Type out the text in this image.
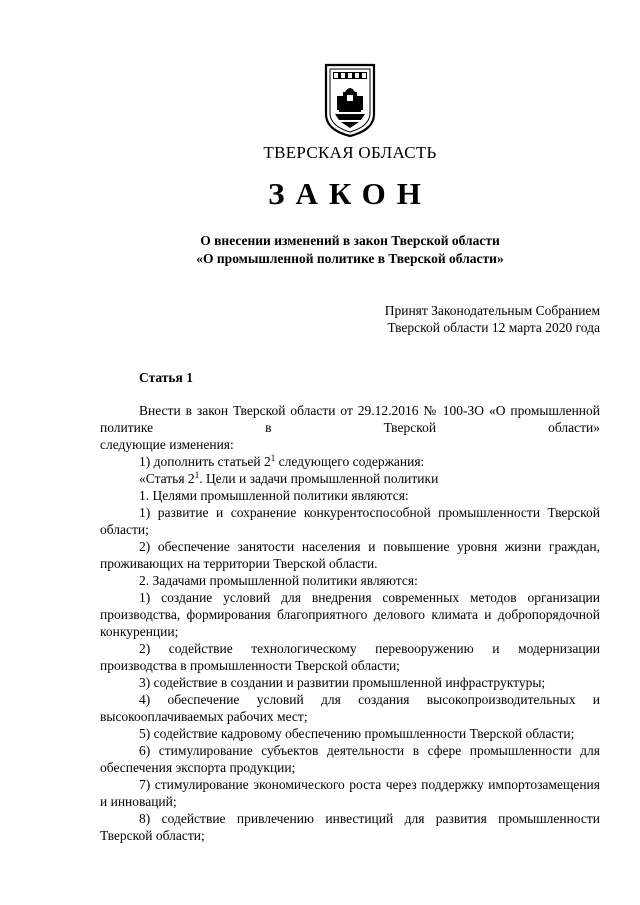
ТВЕРСКАЯ ОБЛАСТЬ
ЗАКОН
О внесении изменений в закон Тверской области
«О промышленной политике в Тверской области»
Принят Законодательным Собранием
Тверской области 12 марта 2020 года
Статья 1

Внести в закон Тверской области от 29.12.2016 № 100-ЗО «О промышленной политике в Тверской области»

следующие изменения:

1) дополнить статьей $2^1$ следующего содержания:

«Статья $2^1$. Цели и задачи промышленной политики

1. Целями промышленной политики являются:

1) развитие и сохранение конкурентоспособной промышленности Тверской области;

2) обеспечение занятости населения и повышение уровня жизни граждан, проживающих на территории Тверской области.

2. Задачами промышленной политики являются:

1) создание условий для внедрения современных методов организации производства, формирования благоприятного делового климата и добропорядочной конкуренции;

2) содействие технологическому перевооружению и модернизации производства в промышленности Тверской области;

3) содействие в создании и развитии промышленной инфраструктуры;

4) обеспечение условий для создания высокопроизводительных и высокооплачиваемых рабочих мест;

5) содействие кадровому обеспечению промышленности Тверской области;

6) стимулирование субъектов деятельности в сфере промышленности для обеспечения экспорта продукции;

7) стимулирование экономического роста через поддержку импортозамещения и инноваций;

8) содействие привлечению инвестиций для развития промышленности Тверской области;
